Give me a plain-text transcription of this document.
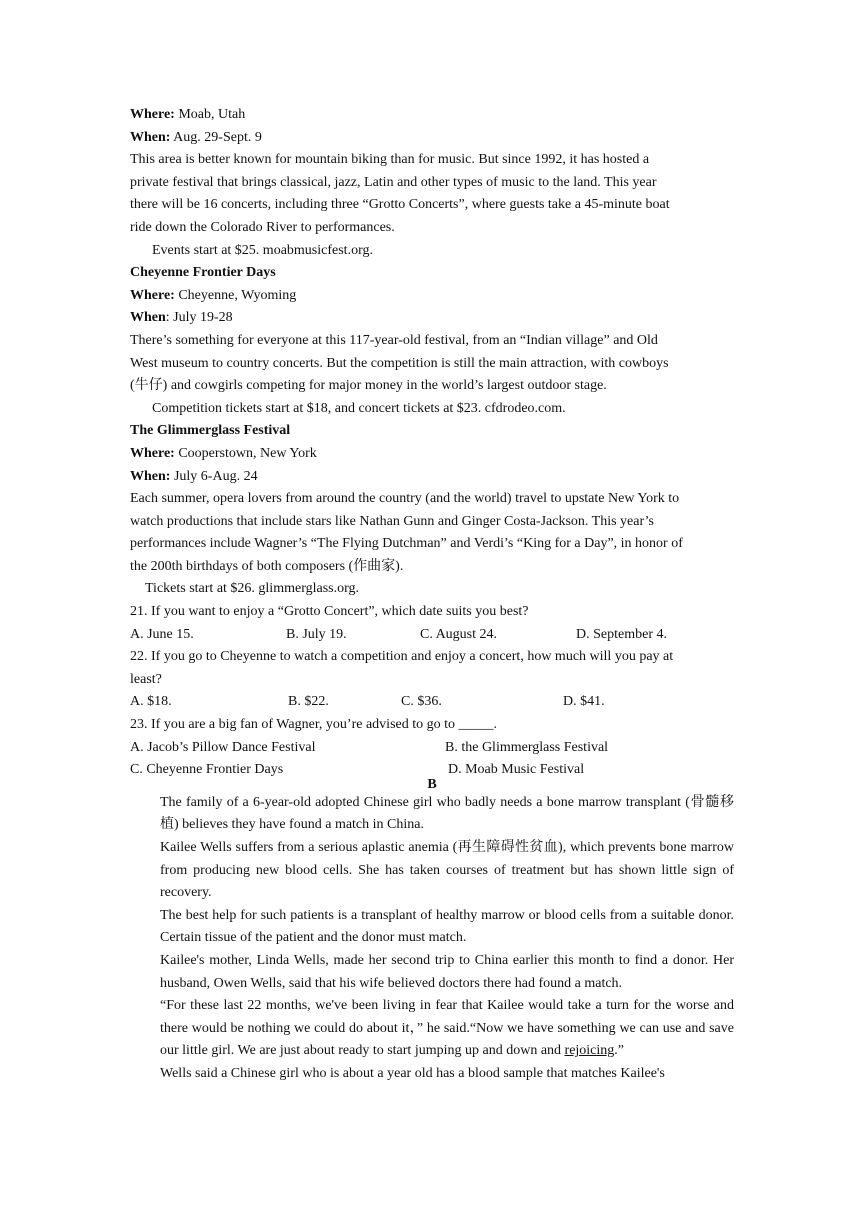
Where: Moab, Utah
When: Aug. 29-Sept. 9
This area is better known for mountain biking than for music. But since 1992, it has hosted a
private festival that brings classical, jazz, Latin and other types of music to the land. This year
there will be 16 concerts, including three “Grotto Concerts”, where guests take a 45-minute boat
ride down the Colorado River to performances.
Events start at $25. moabmusicfest.org.
Cheyenne Frontier Days
Where: Cheyenne, Wyoming
When: July 19-28
There’s something for everyone at this 117-year-old festival, from an “Indian village” and Old
West museum to country concerts. But the competition is still the main attraction, with cowboys
(牛仔) and cowgirls competing for major money in the world’s largest outdoor stage.
Competition tickets start at $18, and concert tickets at $23. cfdrodeo.com.
The Glimmerglass Festival
Where: Cooperstown, New York
When: July 6-Aug. 24
Each summer, opera lovers from around the country (and the world) travel to upstate New York to
watch productions that include stars like Nathan Gunn and Ginger Costa-Jackson. This year’s
performances include Wagner’s “The Flying Dutchman” and Verdi’s “King for a Day”, in honor of
the 200th birthdays of both composers (作曲家).
Tickets start at $26. glimmerglass.org.
21. If you want to enjoy a “Grotto Concert”, which date suits you best?
A. June 15.	B. July 19.	C. August 24.	D. September 4.
22. If you go to Cheyenne to watch a competition and enjoy a concert, how much will you pay at
least?
A. $18.	B. $22.	C. $36.	D. $41.
23. If you are a big fan of Wagner, you’re advised to go to _____.
A. Jacob’s Pillow Dance Festival	B. the Glimmerglass Festival
C. Cheyenne Frontier Days	D. Moab Music Festival
B
The family of a 6-year-old adopted Chinese girl who badly needs a bone marrow transplant (骨髓移植) believes they have found a match in China.
Kailee Wells suffers from a serious aplastic anemia (再生障碍性贫血), which prevents bone marrow from producing new blood cells. She has taken courses of treatment but has shown little sign of recovery.
The best help for such patients is a transplant of healthy marrow or blood cells from a suitable donor. Certain tissue of the patient and the donor must match.
Kailee's mother, Linda Wells, made her second trip to China earlier this month to find a donor. Her husband, Owen Wells, said that his wife believed doctors there had found a match.
“For these last 22 months, we've been living in fear that Kailee would take a turn for the worse and there would be nothing we could do about it，” he said.“Now we have something we can use and save our little girl. We are just about ready to start jumping up and down and rejoicing.”
Wells said a Chinese girl who is about a year old has a blood sample that matches Kailee's
